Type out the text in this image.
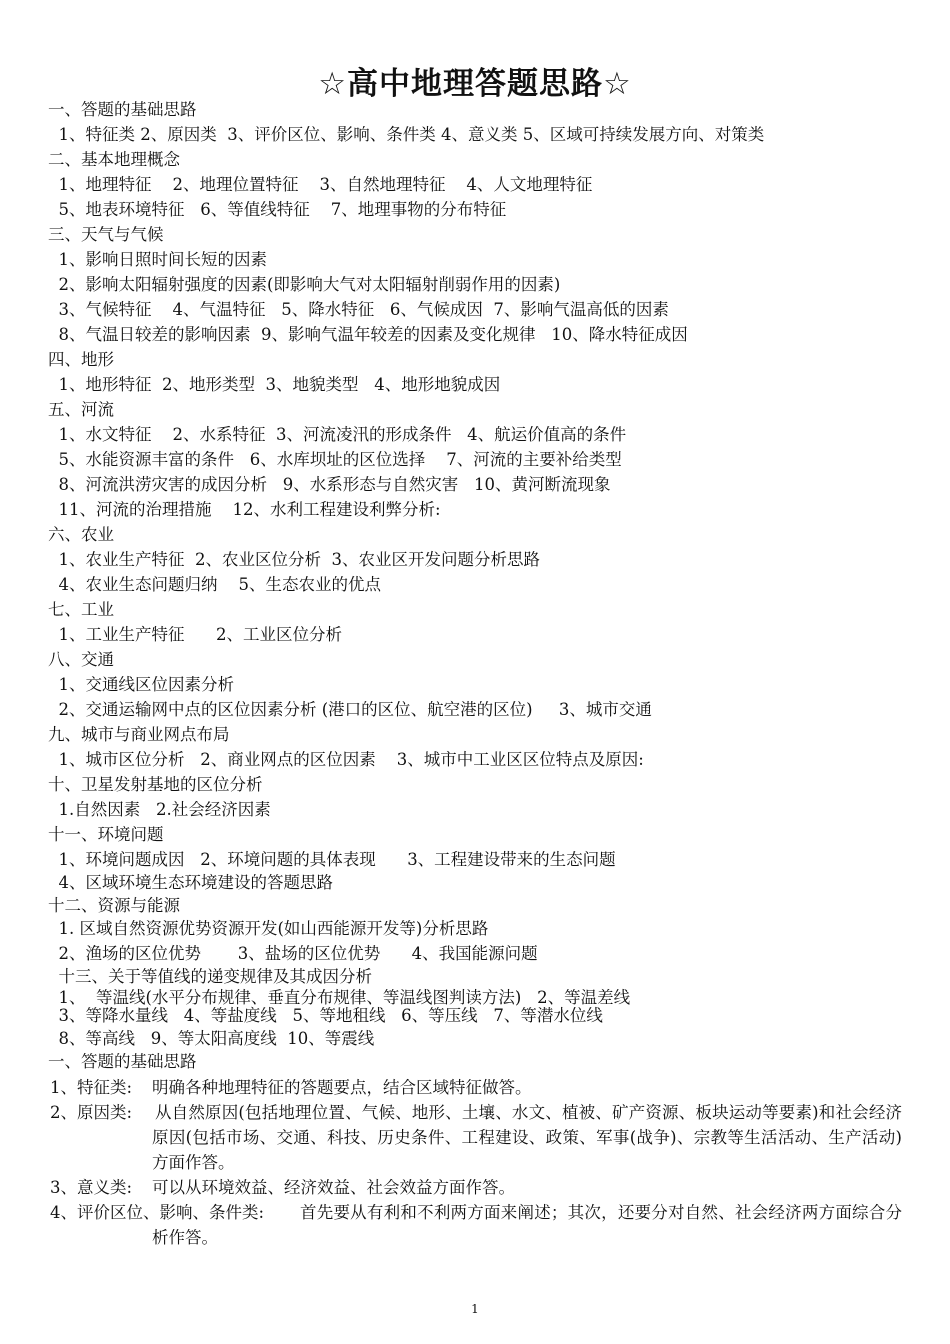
☆高中地理答题思路☆
一、答题的基础思路
1、特征类 2、原因类  3、评价区位、影响、条件类 4、意义类 5、区域可持续发展方向、对策类
二、基本地理概念
1、地理特征    2、地理位置特征    3、自然地理特征    4、人文地理特征
5、地表环境特征   6、等值线特征    7、地理事物的分布特征
三、天气与气候
1、影响日照时间长短的因素
2、影响太阳辐射强度的因素(即影响大气对太阳辐射削弱作用的因素)
3、气候特征    4、气温特征   5、降水特征   6、气候成因  7、影响气温高低的因素
8、气温日较差的影响因素  9、影响气温年较差的因素及变化规律   10、降水特征成因
四、地形
1、地形特征  2、地形类型  3、地貌类型   4、地形地貌成因
五、河流
1、水文特征    2、水系特征  3、河流凌汛的形成条件   4、航运价值高的条件
5、水能资源丰富的条件   6、水库坝址的区位选择    7、河流的主要补给类型
8、河流洪涝灾害的成因分析   9、水系形态与自然灾害   10、黄河断流现象
11、河流的治理措施    12、水利工程建设利弊分析:
六、农业
1、农业生产特征  2、农业区位分析  3、农业区开发问题分析思路
4、农业生态问题归纳    5、生态农业的优点
七、工业
1、工业生产特征      2、工业区位分析
八、交通
1、交通线区位因素分析
2、交通运输网中点的区位因素分析 (港口的区位、航空港的区位)     3、城市交通
九、城市与商业网点布局
1、城市区位分析   2、商业网点的区位因素    3、城市中工业区区位特点及原因:
十、卫星发射基地的区位分析
1.自然因素   2.社会经济因素
十一、环境问题
1、环境问题成因   2、环境问题的具体表现      3、工程建设带来的生态问题
4、区域环境生态环境建设的答题思路
十二、资源与能源
1. 区域自然资源优势资源开发(如山西能源开发等)分析思路
2、渔场的区位优势       3、盐场的区位优势      4、我国能源问题
十三、关于等值线的递变规律及其成因分析
1、  等温线(水平分布规律、垂直分布规律、等温线图判读方法)   2、等温差线
3、等降水量线   4、等盐度线   5、等地租线   6、等压线   7、等潜水位线
8、等高线   9、等太阳高度线  10、等震线
一、答题的基础思路
1、特征类: 明确各种地理特征的答题要点，结合区域特征做答。
2、原因类:	从自然原因(包括地理位置、气候、地形、土壤、水文、植被、矿产资源、板块运动等要素)和社会经济原因(包括市场、交通、科技、历史条件、工程建设、政策、军事(战争)、宗教等生活活动、生产活动)方面作答。
3、意义类: 可以从环境效益、经济效益、社会效益方面作答。
4、评价区位、影响、条件类:	首先要从有利和不利两方面来阐述；其次，还要分对自然、社会经济两方面综合分析作答。
1
